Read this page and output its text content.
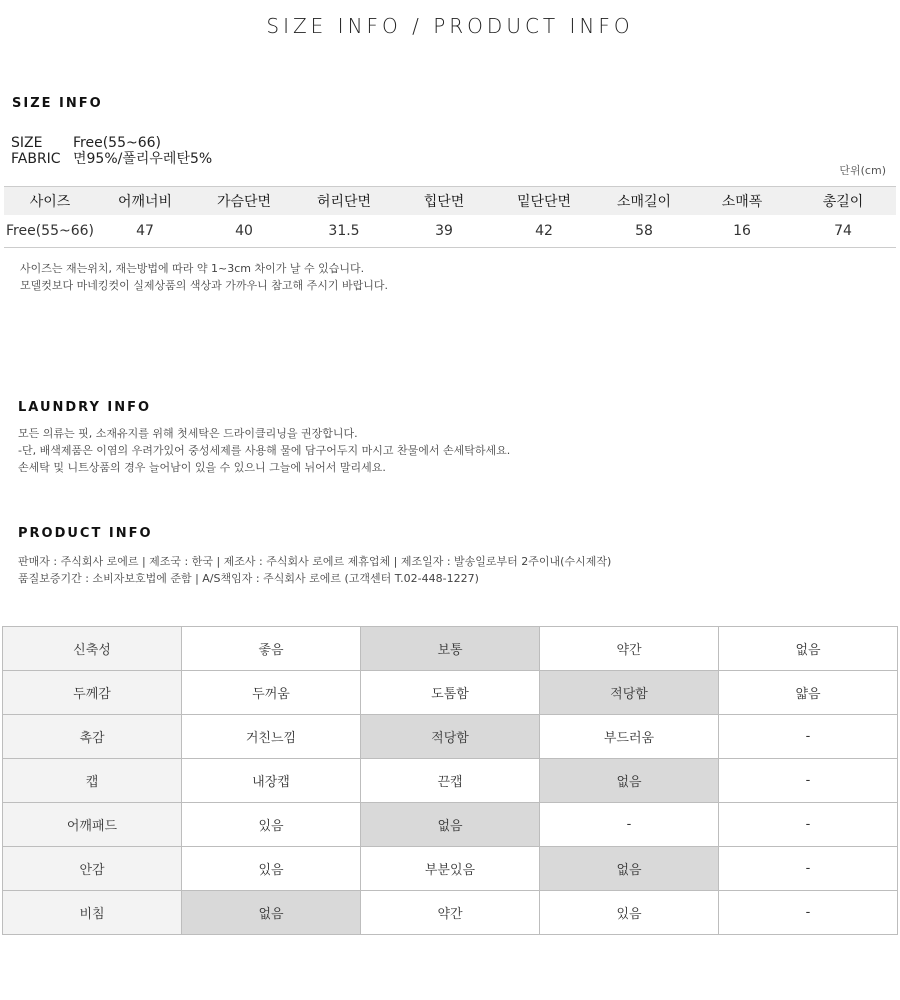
SIZE INFO / PRODUCT INFO
SIZE INFO
SIZE Free(55~66)
FABRIC 면95%/폴리우레탄5%
단위(cm)
사이즈	어깨너비	가슴단면	허리단면	힙단면	밑단단면	소매길이	소매폭	총길이
Free(55~66)	47	40	31.5	39	42	58	16	74
사이즈는 재는위치, 재는방법에 따라 약 1~3cm 차이가 날 수 있습니다.
모델컷보다 마네킹컷이 실제상품의 색상과 가까우니 참고해 주시기 바랍니다.
LAUNDRY INFO
모든 의류는 핏, 소재유지를 위해 첫세탁은 드라이클리닝을 권장합니다.
-단, 배색제품은 이염의 우려가있어 중성세제를 사용해 물에 담구어두지 마시고 찬물에서 손세탁하세요.
손세탁 및 니트상품의 경우 늘어남이 있을 수 있으니 그늘에 뉘어서 말리세요.
PRODUCT INFO
판매자 : 주식회사 로에르 | 제조국 : 한국 | 제조사 : 주식회사 로에르 제휴업체 | 제조일자 : 발송일로부터 2주이내(수시제작)
품질보증기간 : 소비자보호법에 준함 | A/S책임자 : 주식회사 로에르 (고객센터 T.02-448-1227)
신축성	좋음	보통	약간	없음
두께감	두꺼움	도톰함	적당함	얇음
촉감	거친느낌	적당함	부드러움	-
캡	내장캡	끈캡	없음	-
어깨패드	있음	없음	-	-
안감	있음	부분있음	없음	-
비침	없음	약간	있음	-
